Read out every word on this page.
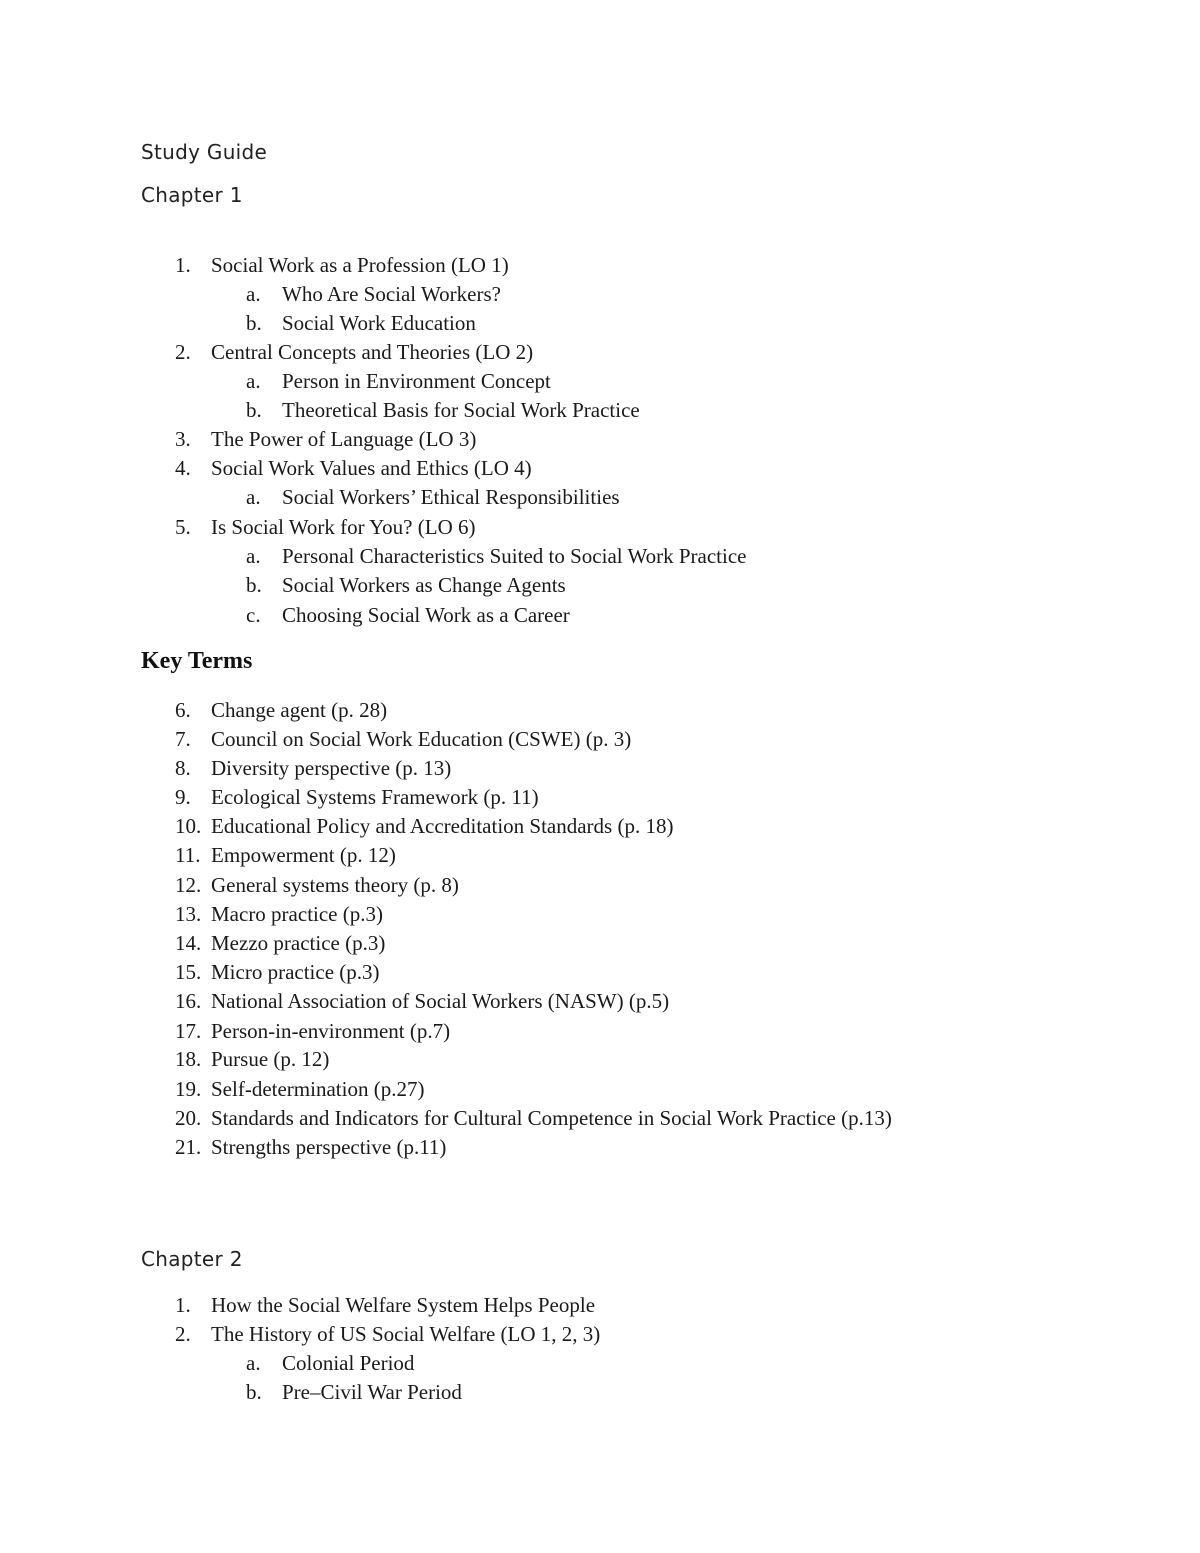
Study Guide
Chapter 1
1. Social Work as a Profession (LO 1)
a.	Who Are Social Workers?
b. Social Work Education
2. Central Concepts and Theories (LO 2)
a.	Person in Environment Concept
b. Theoretical Basis for Social Work Practice
3. The Power of Language (LO 3)
4. Social Work Values and Ethics (LO 4)
a.	Social Workers’ Ethical Responsibilities
5. Is Social Work for You? (LO 6)
a.	Personal Characteristics Suited to Social Work Practice
b. Social Workers as Change Agents
c.	Choosing Social Work as a Career
Key Terms
6. Change agent (p. 28)
7. Council on Social Work Education (CSWE) (p. 3)
8. Diversity perspective (p. 13)
9. Ecological Systems Framework (p. 11)
10. Educational Policy and Accreditation Standards (p. 18)
11. Empowerment (p. 12)
12. General systems theory (p. 8)
13. Macro practice (p.3)
14. Mezzo practice (p.3)
15. Micro practice (p.3)
16. National Association of Social Workers (NASW) (p.5)
17. Person-in-environment (p.7)
18. Pursue (p. 12)
19. Self-determination (p.27)
20. Standards and Indicators for Cultural Competence in Social Work Practice (p.13)
21. Strengths perspective (p.11)
Chapter 2
1. How the Social Welfare System Helps People
2. The History of US Social Welfare (LO 1, 2, 3)
a.	Colonial Period
b. Pre–Civil War Period
